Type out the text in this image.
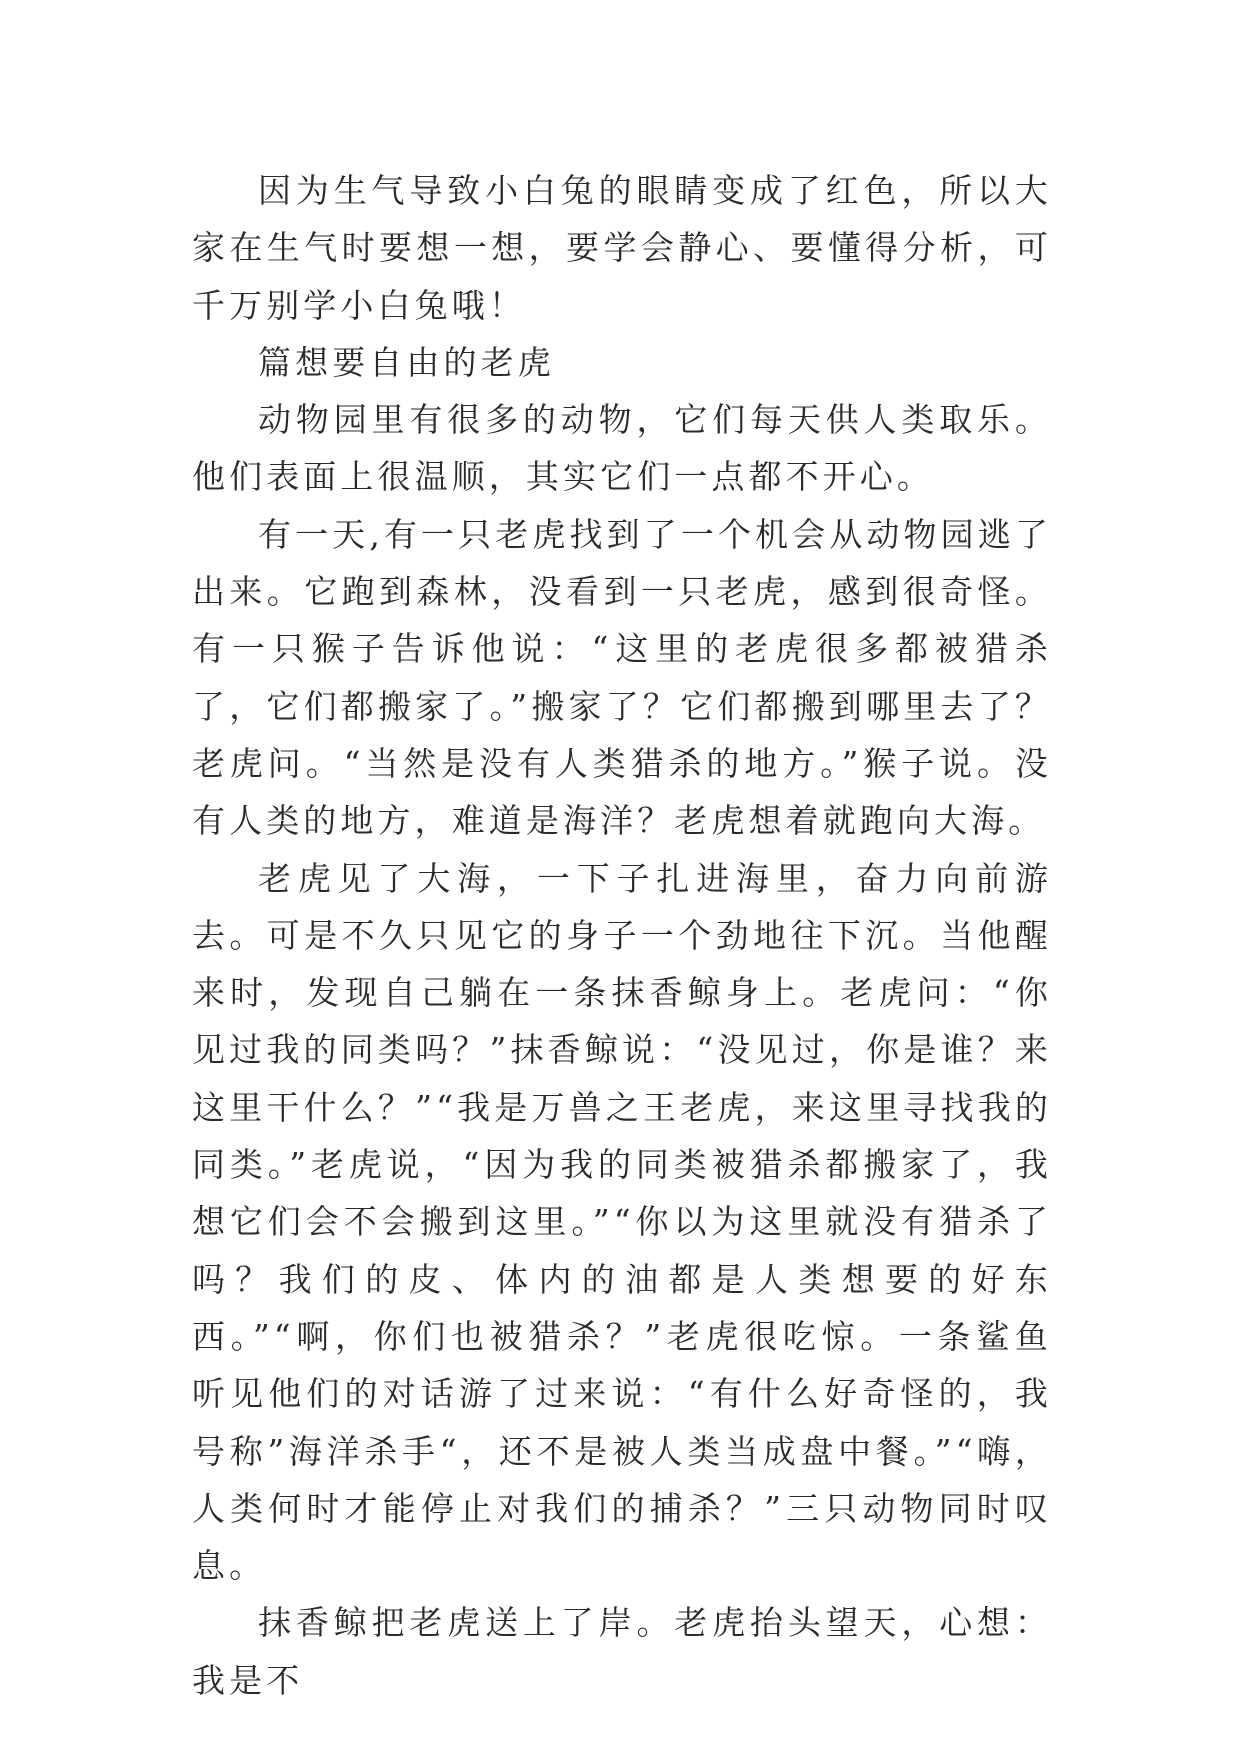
因为生气导致小白兔的眼睛变成了红色，所以大家在生气时要想一想，要学会静心、要懂得分析，可千万别学小白兔哦！

篇想要自由的老虎

动物园里有很多的动物，它们每天供人类取乐。他们表面上很温顺，其实它们一点都不开心。

有一天,有一只老虎找到了一个机会从动物园逃了出来。它跑到森林，没看到一只老虎，感到很奇怪。有一只猴子告诉他说：“这里的老虎很多都被猎杀了，它们都搬家了。”搬家了？它们都搬到哪里去了？老虎问。“当然是没有人类猎杀的地方。”猴子说。没有人类的地方，难道是海洋？老虎想着就跑向大海。

老虎见了大海，一下子扎进海里，奋力向前游去。可是不久只见它的身子一个劲地往下沉。当他醒来时，发现自己躺在一条抹香鲸身上。老虎问：“你见过我的同类吗？”抹香鲸说：“没见过，你是谁？来这里干什么？”“我是万兽之王老虎，来这里寻找我的同类。”老虎说，“因为我的同类被猎杀都搬家了，我想它们会不会搬到这里。”“你以为这里就没有猎杀了吗？我们的皮、体内的油都是人类想要的好东西。”“啊，你们也被猎杀？”老虎很吃惊。一条鲨鱼听见他们的对话游了过来说：“有什么好奇怪的，我号称”海洋杀手“，还不是被人类当成盘中餐。”“嗨，人类何时才能停止对我们的捕杀？”三只动物同时叹息。

抹香鲸把老虎送上了岸。老虎抬头望天，心想：我是不
